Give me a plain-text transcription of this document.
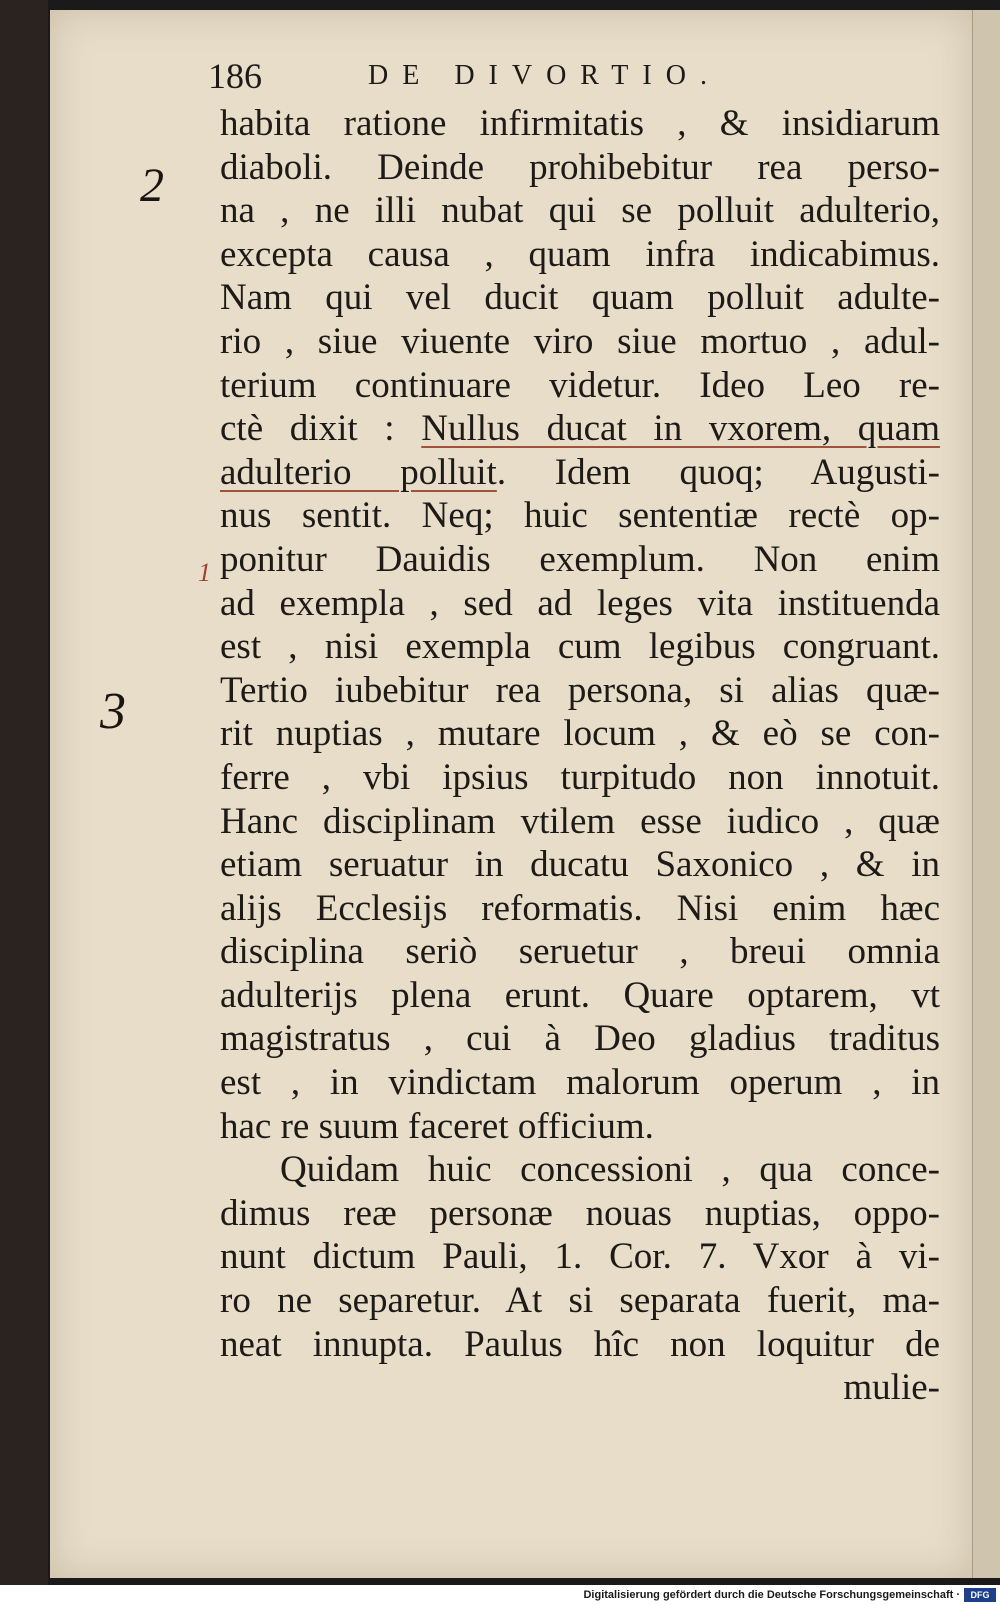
186	DE DIVORTIO.
2
1
3
habita ratione infirmitatis , & insidiarum
diaboli. Deinde prohibebitur rea perso-
na , ne illi nubat qui se polluit adulterio,
excepta causa , quam infra indicabimus.
Nam qui vel ducit quam polluit adulte-
rio , siue viuente viro siue mortuo , adul-
terium continuare videtur. Ideo Leo re-
ctè dixit : Nullus ducat in vxorem, quam
adulterio polluit. Idem quoq; Augusti-
nus sentit. Neq; huic sententiæ rectè op-
ponitur Dauidis exemplum. Non enim
ad exempla , sed ad leges vita instituenda
est , nisi exempla cum legibus congruant.
Tertio iubebitur rea persona, si alias quæ-
rit nuptias , mutare locum , & eò se con-
ferre , vbi ipsius turpitudo non innotuit.
Hanc disciplinam vtilem esse iudico , quæ
etiam seruatur in ducatu Saxonico , & in
alijs Ecclesijs reformatis. Nisi enim hæc
disciplina seriò seruetur , breui omnia
adulterijs plena erunt. Quare optarem, vt
magistratus , cui à Deo gladius traditus
est , in vindictam malorum operum , in
hac re suum faceret officium.
Quidam huic concessioni , qua conce-
dimus reæ personæ nouas nuptias, oppo-
nunt dictum Pauli, 1. Cor. 7. Vxor à vi-
ro ne separetur. At si separata fuerit, ma-
neat innupta. Paulus hîc non loquitur de
mulie-
Digitalisierung gefördert durch die Deutsche Forschungsgemeinschaft ·	DFG
